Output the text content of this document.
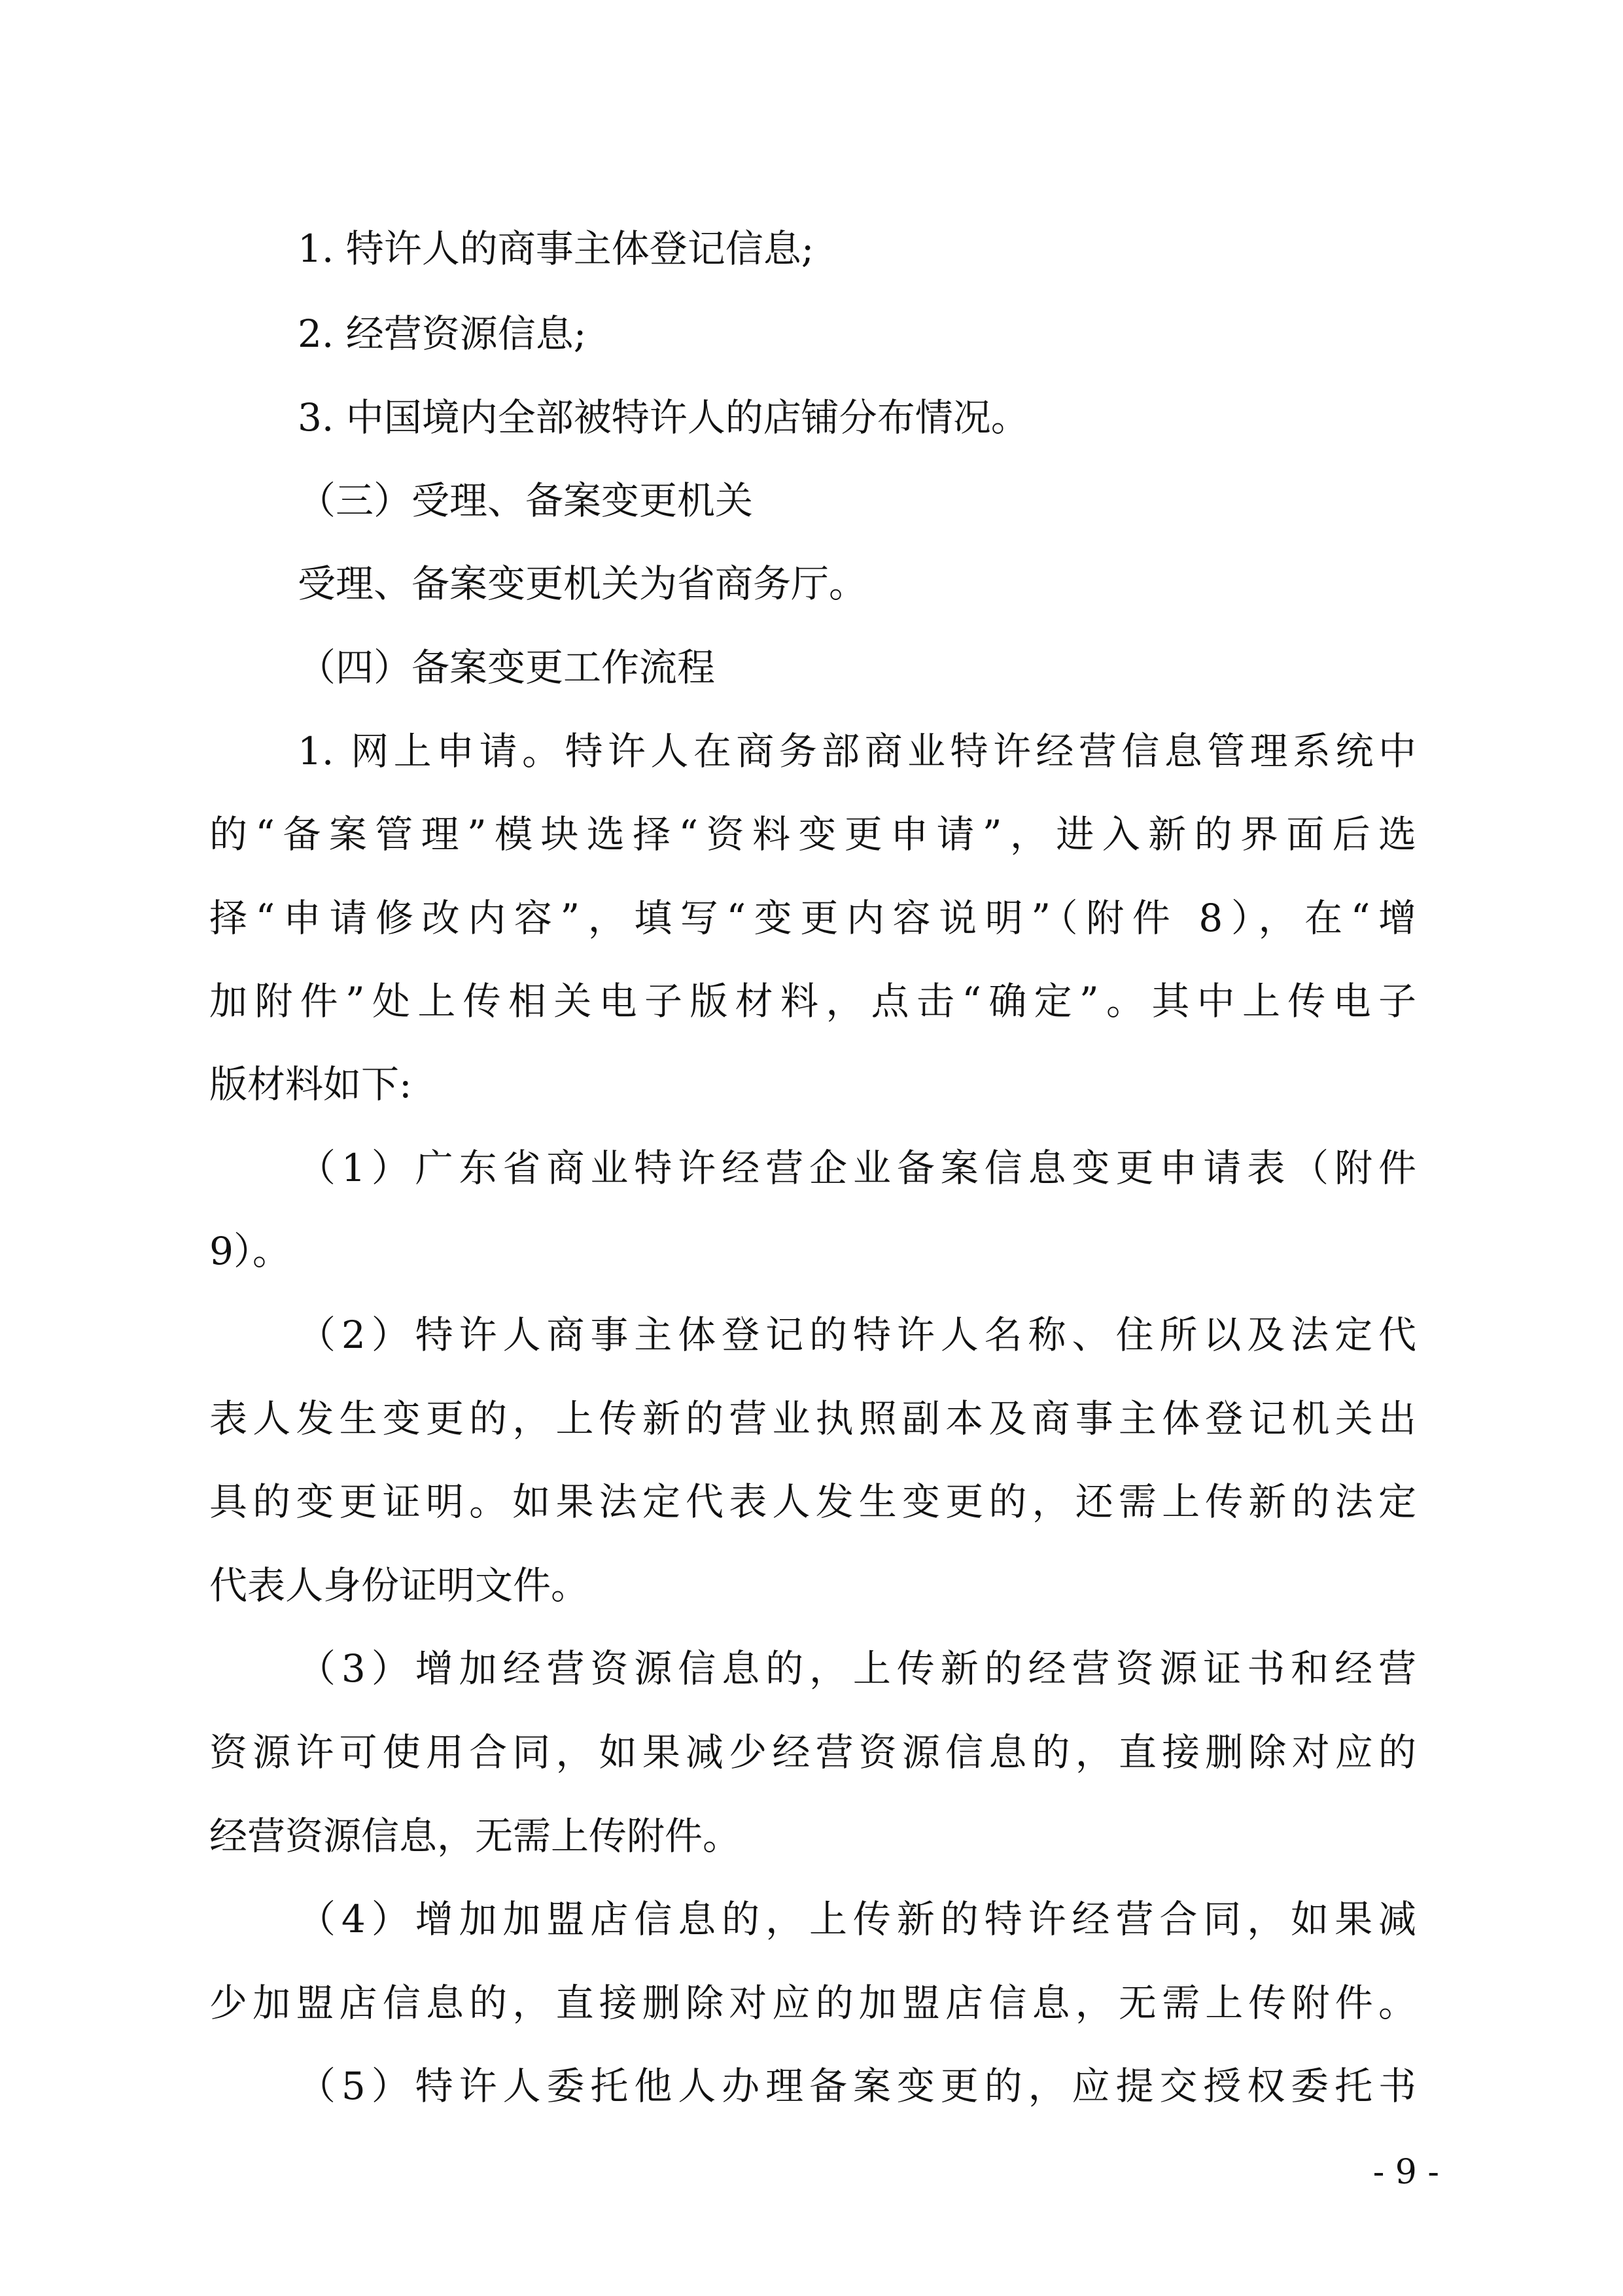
1. 特许人的商事主体登记信息;
2. 经营资源信息;
3. 中国境内全部被特许人的店铺分布情况。
（三）受理、备案变更机关
受理、备案变更机关为省商务厅。
（四）备案变更工作流程
1. 网上申请。特许人在商务部商业特许经营信息管理系统中
的“备案管理”模块选择“资料变更申请”，进入新的界面后选
择“申请修改内容”，填写“变更内容说明”（附件 8），在“增
加附件”处上传相关电子版材料，点击“确定”。其中上传电子
版材料如下:
（1）广东省商业特许经营企业备案信息变更申请表（附件
9）。
（2）特许人商事主体登记的特许人名称、住所以及法定代
表人发生变更的，上传新的营业执照副本及商事主体登记机关出
具的变更证明。如果法定代表人发生变更的，还需上传新的法定
代表人身份证明文件。
（3）增加经营资源信息的，上传新的经营资源证书和经营
资源许可使用合同，如果减少经营资源信息的，直接删除对应的
经营资源信息，无需上传附件。
（4）增加加盟店信息的，上传新的特许经营合同，如果减
少加盟店信息的，直接删除对应的加盟店信息，无需上传附件。
（5）特许人委托他人办理备案变更的，应提交授权委托书
- 9 -
